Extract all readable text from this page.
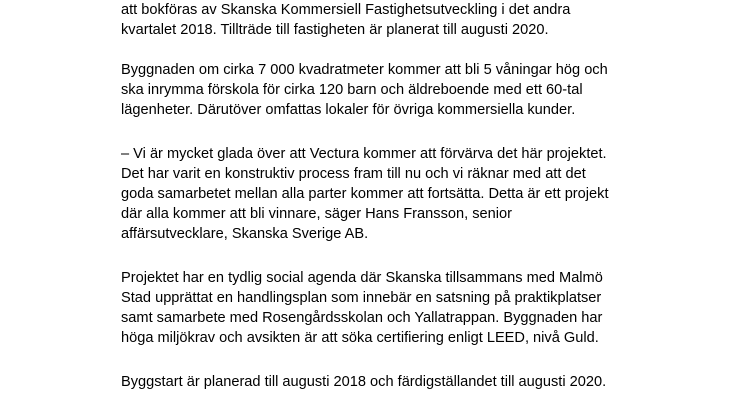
att bokföras av Skanska Kommersiell Fastighetsutveckling i det andra
kvartalet 2018. Tillträde till fastigheten är planerat till augusti 2020.

Byggnaden om cirka 7 000 kvadratmeter kommer att bli 5 våningar hög och
ska inrymma förskola för cirka 120 barn och äldreboende med ett 60-tal
lägenheter. Därutöver omfattas lokaler för övriga kommersiella kunder.

– Vi är mycket glada över att Vectura kommer att förvärva det här projektet.
Det har varit en konstruktiv process fram till nu och vi räknar med att det
goda samarbetet mellan alla parter kommer att fortsätta. Detta är ett projekt
där alla kommer att bli vinnare, säger Hans Fransson, senior
affärsutvecklare, Skanska Sverige AB.

Projektet har en tydlig social agenda där Skanska tillsammans med Malmö
Stad upprättat en handlingsplan som innebär en satsning på praktikplatser
samt samarbete med Rosengårdsskolan och Yallatrappan. Byggnaden har
höga miljökrav och avsikten är att söka certifiering enligt LEED, nivå Guld.

Byggstart är planerad till augusti 2018 och färdigställandet till augusti 2020.
